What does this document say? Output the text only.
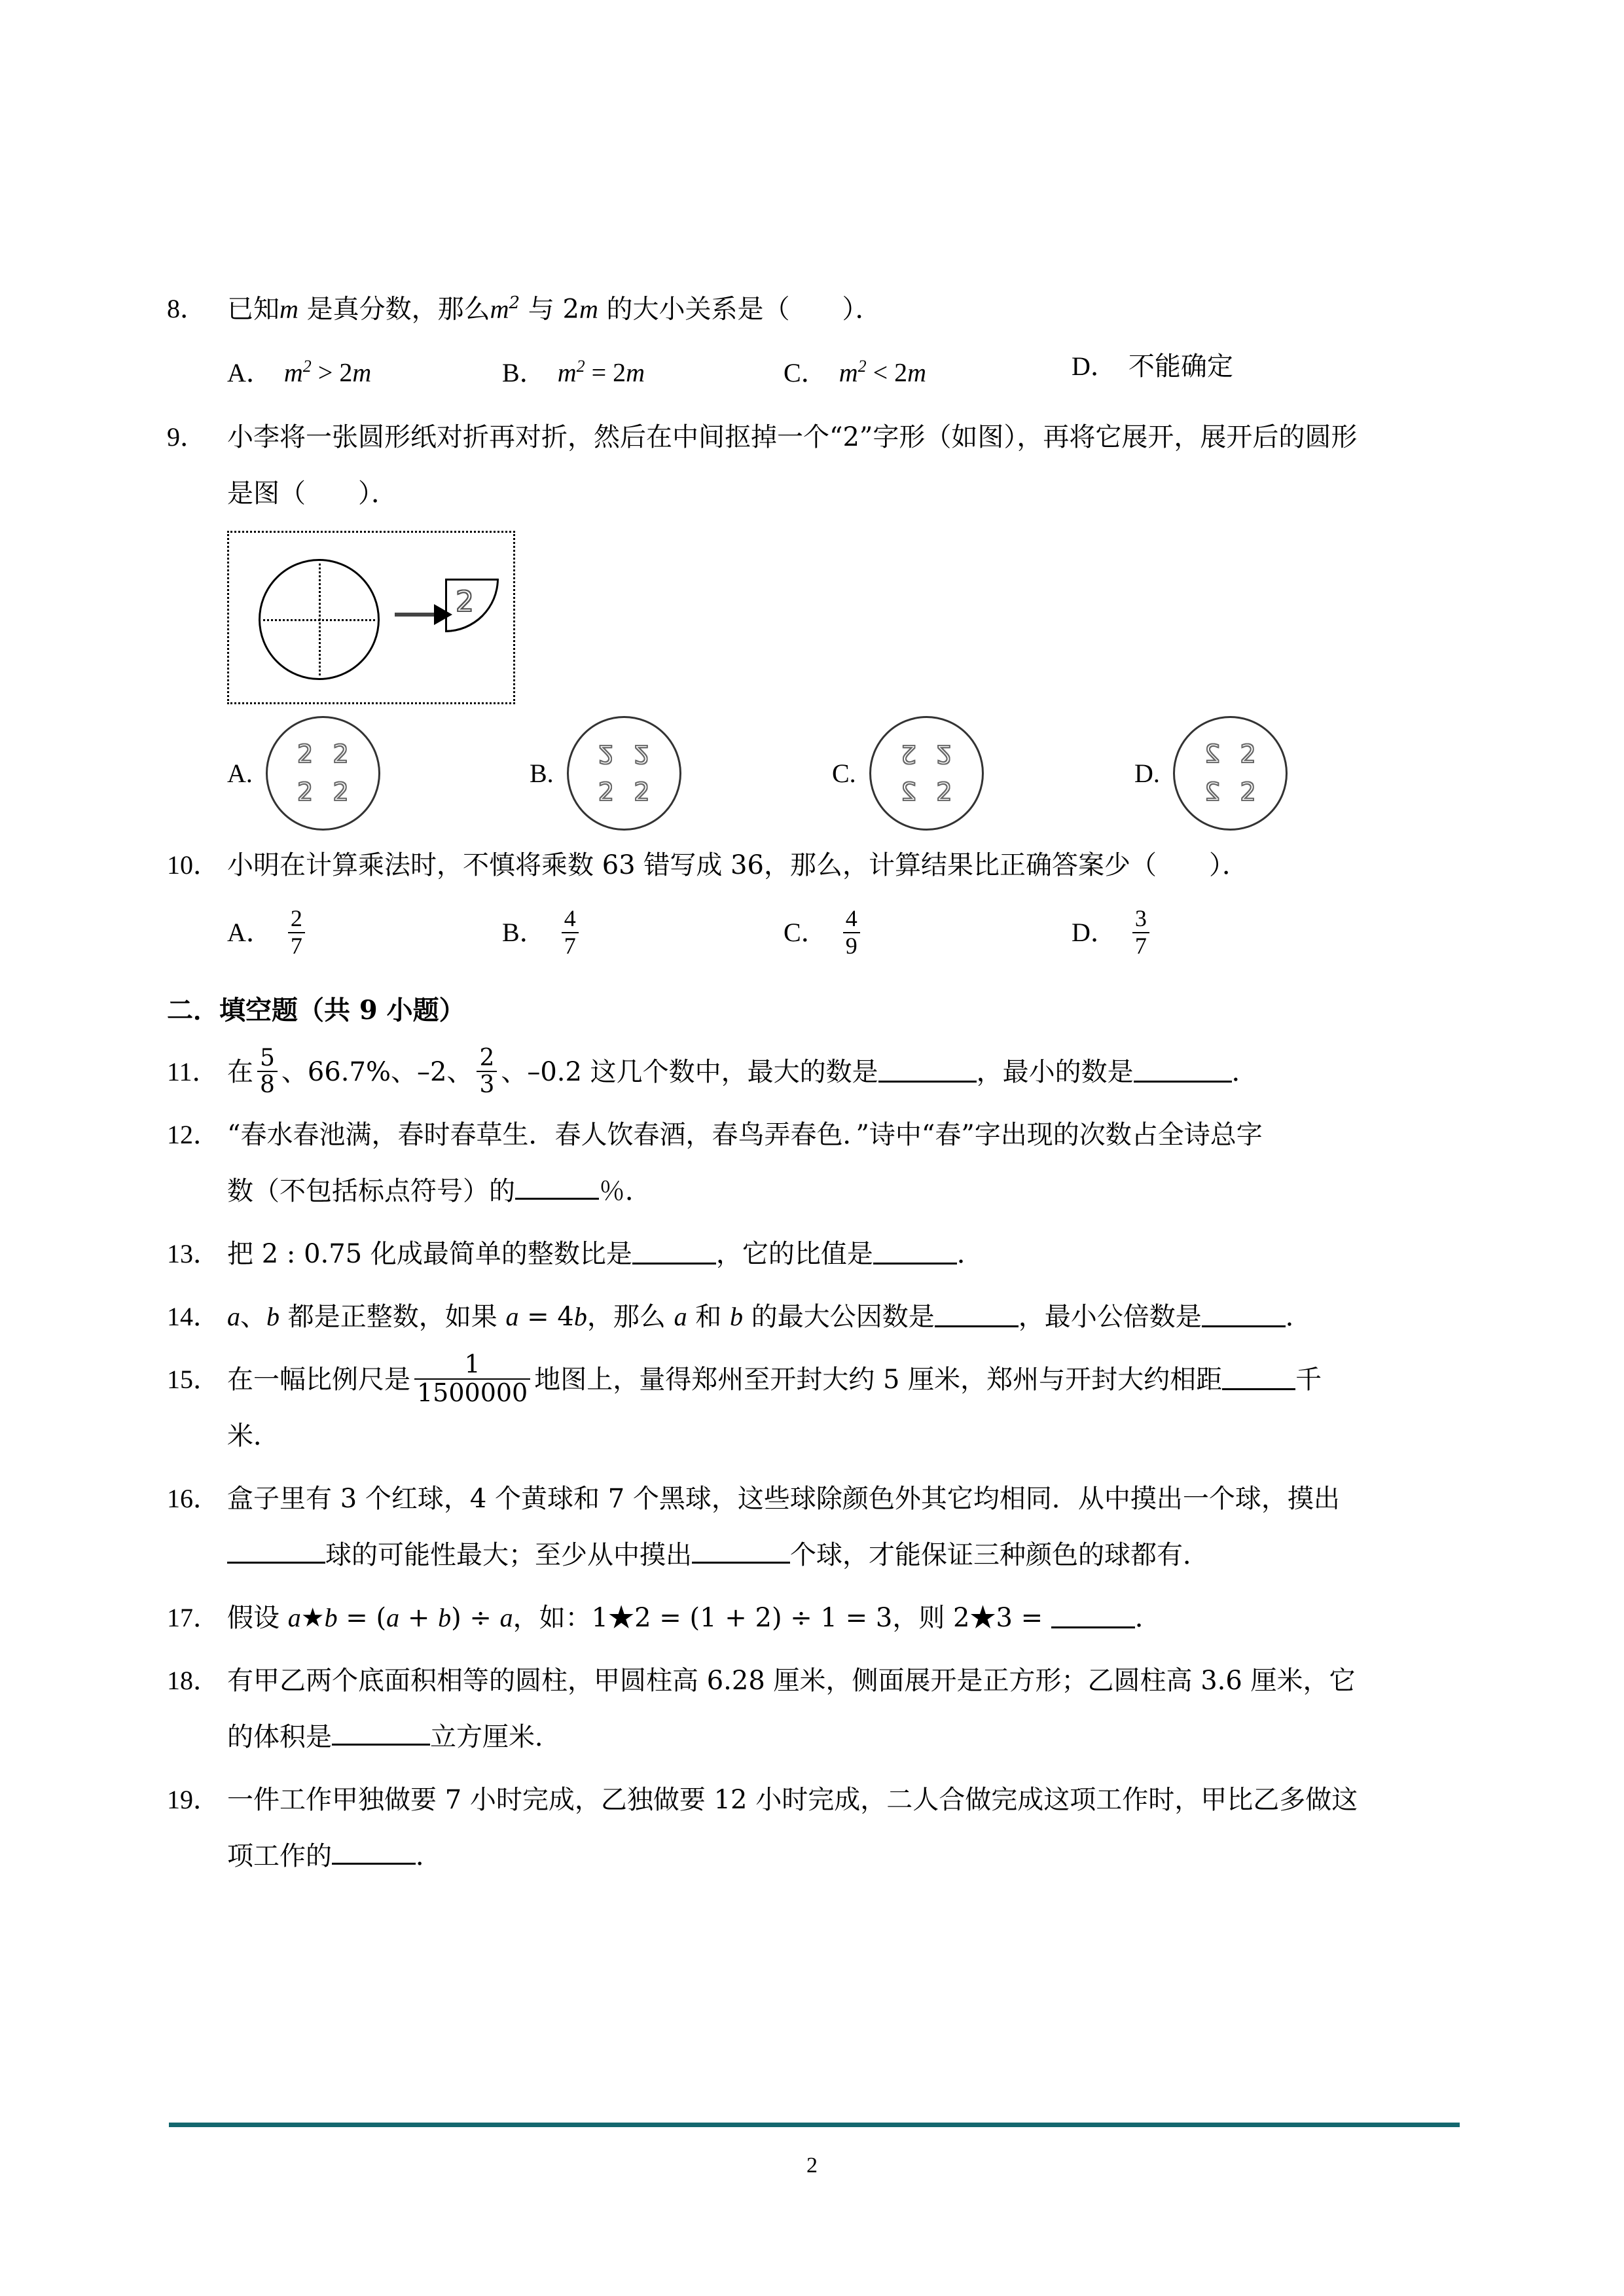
8． 已知m 是真分数，那么$m^2$ 与 2m 的大小关系是（　　）．
A． $m^2 > 2m$	B． $m^2 = 2m$	C． $m^2 < 2m$	D． 不能确定
9． 小李将一张圆形纸对折再对折，然后在中间抠掉一个“2”字形（如图），再将它展开，展开后的圆形
是图（　　）．
2
A.
2 2
2 2
B.
2 2
2 2
C.
2 2
2 2
D.
2 2
2 2
10． 小明在计算乘法时，不慎将乘数 63 错写成 36，那么，计算结果比正确答案少（　　）．
A． $\frac{2}{7}$	B． $\frac{4}{7}$	C． $\frac{4}{9}$	D． $\frac{3}{7}$
二．填空题（共 9 小题）
11． 在 $\frac{5}{8}$ 、66.7%、–2、 $\frac{2}{3}$ 、–0.2 这几个数中，最大的数是	，最小的数是	．
12． “春水春池满，春时春草生．春人饮春酒，春鸟弄春色．”诗中“春”字出现的次数占全诗总字
数（不包括标点符号）的	％．
13． 把 2 : 0.75 化成最简单的整数比是	，它的比值是	．
14． a、b 都是正整数，如果 a = 4b，那么 a 和 b 的最大公因数是	，最小公倍数是	．
15． 在一幅比例尺是 $\frac{1}{1500000}$ 地图上，量得郑州至开封大约 5 厘米，郑州与开封大约相距	千
米．
16． 盒子里有 3 个红球，4 个黄球和 7 个黑球，这些球除颜色外其它均相同．从中摸出一个球，摸出
球的可能性最大；至少从中摸出	个球，才能保证三种颜色的球都有．
17． 假设 a★b = (a + b) ÷ a，如：1★2 = (1 + 2) ÷ 1 = 3，则 2★3 =	．
18． 有甲乙两个底面积相等的圆柱，甲圆柱高 6.28 厘米，侧面展开是正方形；乙圆柱高 3.6 厘米，它
的体积是	立方厘米．
19． 一件工作甲独做要 7 小时完成，乙独做要 12 小时完成，二人合做完成这项工作时，甲比乙多做这
项工作的	．
2
